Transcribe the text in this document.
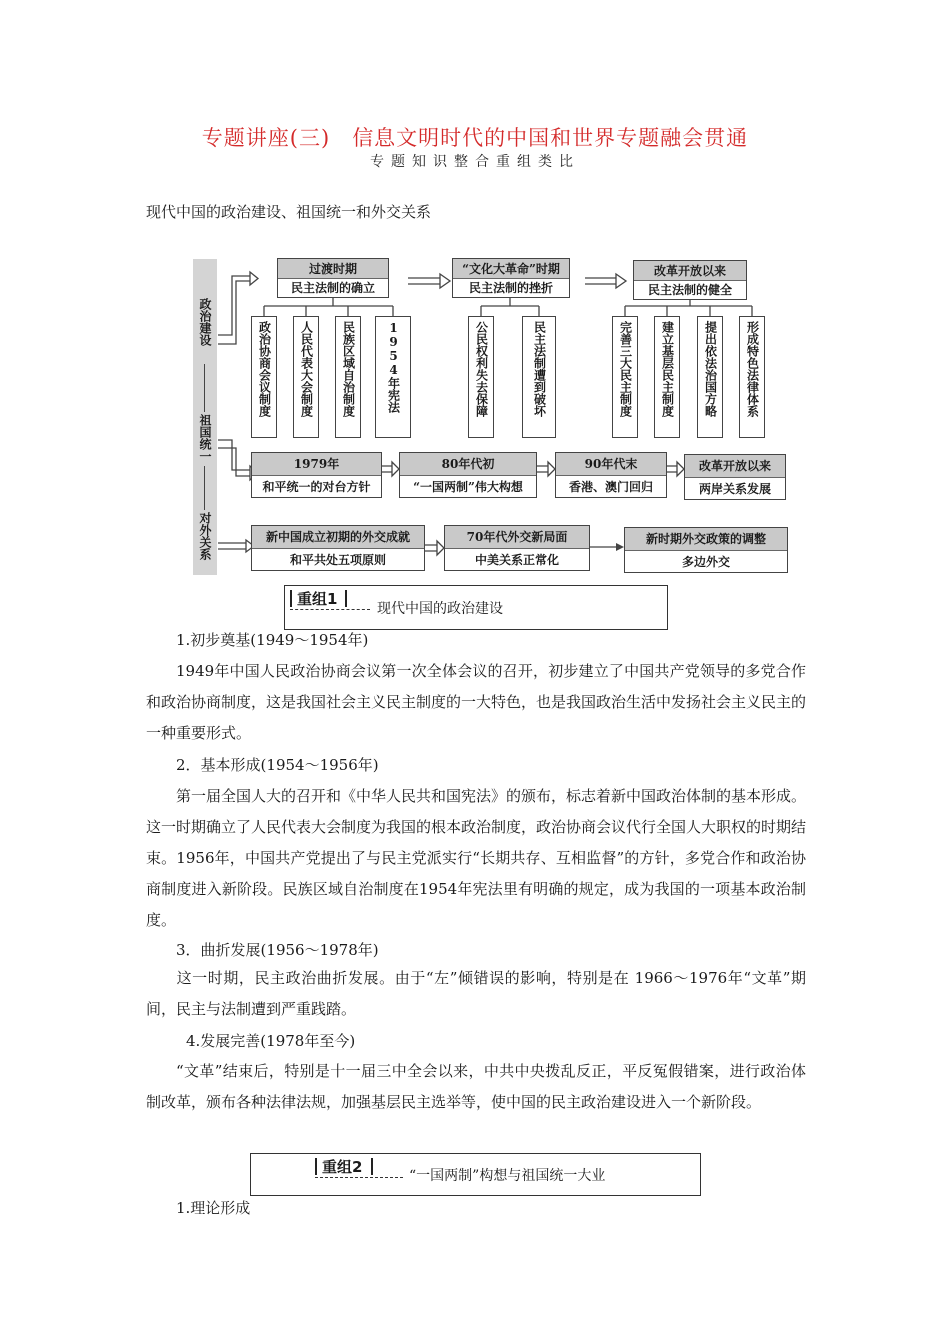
专题讲座(三) 信息文明时代的中国和世界专题融会贯通
专题知识整合重组类比
现代中国的政治建设、祖国统一和外交关系
政治建设
祖国统一
对外关系
过渡时期
民主法制的确立
“文化大革命”时期
民主法制的挫折
改革开放以来
民主法制的健全
政治协商会议制度	人民代表大会制度	民族区域自治制度	1954年宪法	公民权利失去保障	民主法制遭到破坏	完善三大民主制度	建立基层民主制度	提出依法治国方略	形成特色法律体系
1979年
和平统一的对台方针
80年代初
“一国两制”伟大构想
90年代末
香港、澳门回归
改革开放以来
两岸关系发展
新中国成立初期的外交成就
和平共处五项原则
70年代外交新局面
中美关系正常化
新时期外交政策的调整
多边外交
重组1
现代中国的政治建设
1.初步奠基(1949～1954年)
1949年中国人民政治协商会议第一次全体会议的召开，初步建立了中国共产党领导的多党合作和政治协商制度，这是我国社会主义民主制度的一大特色，也是我国政治生活中发扬社会主义民主的一种重要形式。
2．基本形成(1954～1956年)
第一届全国人大的召开和《中华人民共和国宪法》的颁布，标志着新中国政治体制的基本形成。这一时期确立了人民代表大会制度为我国的根本政治制度，政治协商会议代行全国人大职权的时期结束。1956年，中国共产党提出了与民主党派实行“长期共存、互相监督”的方针，多党合作和政治协商制度进入新阶段。民族区域自治制度在1954年宪法里有明确的规定，成为我国的一项基本政治制度。
3．曲折发展(1956～1978年)
这一时期，民主政治曲折发展。由于“左”倾错误的影响，特别是在 1966～1976年“文革”期间，民主与法制遭到严重践踏。
4.发展完善(1978年至今)
“文革”结束后，特别是十一届三中全会以来，中共中央拨乱反正，平反冤假错案，进行政治体制改革，颁布各种法律法规，加强基层民主选举等，使中国的民主政治建设进入一个新阶段。
重组2	“一国两制”构想与祖国统一大业
1.理论形成
